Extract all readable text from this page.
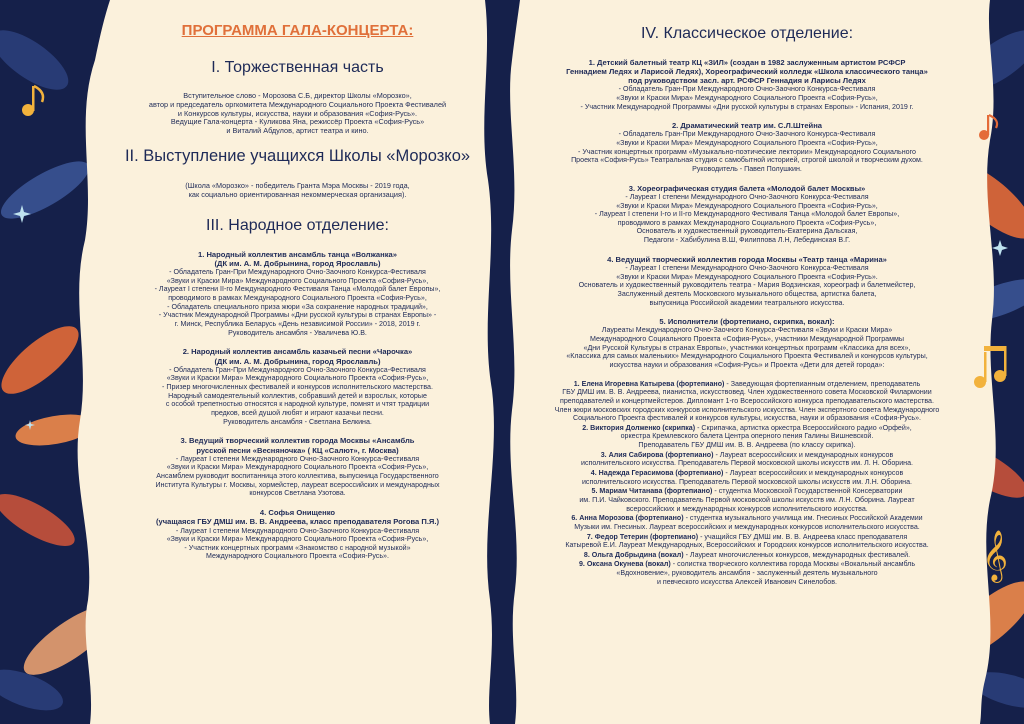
𝄞
ПРОГРАММА ГАЛА-КОНЦЕРТА:
I. Торжественная часть

Вступительное слово - Морозова С.Б, директор Школы «Морозко»,

автор и председатель оргкомитета Международного Социального Проекта Фестивалей

и Конкурсов культуры, искусства, науки и образования «София-Русь».

Ведущие Гала-концерта - Куликова Яна, режиссёр Проекта «София-Русь»

и Виталий Абдулов, артист театра и кино.

II. Выступление учащихся Школы «Морозко»

(Школа «Морозко» - победитель Гранта Мэра Москвы - 2019 года,

как социально ориентированная некоммерческая организация).

III. Народное отделение:

1. Народный коллектив ансамбль танца «Волжанка»

(ДК им. А. М. Добрынина, город Ярославль)

- Обладатель Гран-При Международного Очно-Заочного Конкурса-Фестиваля

«Звуки и Краски Мира» Международного Социального Проекта «София-Русь»,

- Лауреат I степени II-го Международного Фестиваля Танца «Молодой балет Европы»,

проводимого в рамках Международного Социального Проекта «София-Русь»,

- Обладатель специального приза жюри «За сохранение народных традиций»,

- Участник Международной Программы «Дни русской культуры в странах Европы» -

г. Минск, Республика Беларусь «День независимой России» - 2018, 2019 г.

Руководитель ансамбля - Уваличева Ю.В.

2. Народный коллектив ансамбль казачьей песни «Чарочка»

(ДК им. А. М. Добрынина, город Ярославль)

- Обладатель Гран-При Международного Очно-Заочного Конкурса-Фестиваля

«Звуки и Краски Мира» Международного Социального Проекта «София-Русь»,

- Призер многочисленных фестивалей и конкурсов исполнительского мастерства.

Народный самодеятельный коллектив, собравший детей и взрослых, которые

с особой трепетностью относятся к народной культуре, помнят и чтят традиции

предков, всей душой любят и играют казачьи песни.

Руководитель ансамбля - Светлана Белкина.

3. Ведущий творческий коллектив города Москвы «Ансамбль

русской песни «Весняночка» ( КЦ «Салют», г. Москва)

- Лауреат I степени Международного Очно-Заочного Конкурса-Фестиваля

«Звуки и Краски Мира» Международного Социального Проекта «София-Русь»,

Ансамблем руководит воспитанница этого коллектива, выпускница Государственного

Института Культуры г. Москвы, хормейстер, лауреат всероссийских и международных

конкурсов Светлана Узотова.

4. Софья Онищенко

(учащаяся ГБУ ДМШ им. В. В. Андреева, класс преподавателя Рогова П.Я.)

- Лауреат I степени Международного Очно-Заочного Конкурса-Фестиваля

«Звуки и Краски Мира» Международного Социального Проекта «София-Русь»,

- Участник концертных программ «Знакомство с народной музыкой»

Международного Социального Проекта «София-Русь».

IV. Классическое отделение:

1. Детский балетный театр КЦ «ЗИЛ» (создан в 1982 заслуженным артистом РСФСР

Геннадием Ледях и Ларисой Ледях), Хореографический колледж «Школа классического танца»

под руководством засл. арт. РСФСР Геннадия и Ларисы Ледях

- Обладатель Гран-При Международного Очно-Заочного Конкурса-Фестиваля

«Звуки и Краски Мира» Международного Социального Проекта «София-Русь»,

- Участник Международной Программы «Дни русской культуры в странах Европы» - Испания, 2019 г.

2. Драматический театр им. С.Л.Штейна

- Обладатель Гран-При Международного Очно-Заочного Конкурса-Фестиваля

«Звуки и Краски Мира» Международного Социального Проекта «София-Русь»,

- Участник концертных программ «Музыкально-поэтические лектории» Международного Социального

Проекта «София-Русь» Театральная студия с самобытной историей, строгой школой и творческим духом.

Руководитель - Павел Полушкин.

3. Хореографическая студия балета «Молодой балет Москвы»

- Лауреат I степени Международного Очно-Заочного Конкурса-Фестиваля

«Звуки и Краски Мира» Международного Социального Проекта «София-Русь»,

- Лауреат I степени I-го и II-го Международного Фестиваля Танца «Молодой балет Европы»,

проводимого в рамках Международного Социального Проекта «София-Русь»,

Основатель и художественный руководитель-Екатерина Дальская,

Педагоги - Хабибулина В.Ш, Филиппова Л.Н, Лебединская В.Г.

4. Ведущий творческий коллектив города Москвы «Театр танца «Марина»

- Лауреат I степени Международного Очно-Заочного Конкурса-Фестиваля

«Звуки и Краски Мира» Международного Социального Проекта «София-Русь».

Основатель и художественный руководитель театра - Мария Водзинская, хореограф и балетмейстер,

Заслуженный деятель Московского музыкального общества, артистка балета,

выпускница Российской академии театрального искусства.

5. Исполнители (фортепиано, скрипка, вокал):

Лауреаты Международного Очно-Заочного Конкурса-Фестиваля «Звуки и Краски Мира»

Международного Социального Проекта «София-Русь», участники Международной Программы

«Дни Русской Культуры в странах Европы», участники концертных программ «Классика для всех»,

«Классика для самых маленьких» Международного Социального Проекта Фестивалей и конкурсов культуры,

искусства науки и образования «София-Русь» и Проекта «Дети для детей города»:

1. Елена Игоревна Катырева (фортепиано) - Заведующая фортепианным отделением, преподаватель
ГБУ ДМШ им. В. В. Андреева, пианистка, искусствовед. Член художественного совета Московской Филармонии
преподавателей и концертмейстеров. Дипломант 1-го Всероссийского конкурса преподавательского мастерства.
Член жюри московских городских конкурсов исполнительского искусства. Член экспертного совета Международного
Социального Проекта фестивалей и конкурсов культуры, искусства, науки и образования «София-Русь».
2. Виктория Долженко (скрипка) - Скрипачка, артистка оркестра Всероссийского радио «Орфей»,
оркестра Кремлевского балета Центра оперного пения Галины Вишневской.
Преподаватель ГБУ ДМШ им. В. В. Андреева (по классу скрипка).
3. Алия Сабирова (фортепиано) - Лауреат всероссийских и международных конкурсов
исполнительского искусства. Преподаватель Первой московской школы искусств им. Л. Н. Оборина.
4. Надежда Герасимова (фортепиано) - Лауреат всероссийских и международных конкурсов
исполнительского искусства. Преподаватель Первой московской школы искусств им. Л.Н. Оборина.
5. Мариам Читанава (фортепиано) - студентка Московской Государственной Консерватории
им. П.И. Чайковского. Преподаватель Первой московской школы искусств им. Л.Н. Оборина. Лауреат
всероссийских и международных конкурсов исполнительского искусства.
6. Анна Морозова (фортепиано) - студентка музыкального училища им. Гнесиных Российской Академии
Музыки им. Гнесиных. Лауреат всероссийских и международных конкурсов исполнительского искусства.
7. Федор Тетерин (фортепиано) - учащийся ГБУ ДМШ им. В. В. Андреева класс преподавателя
Катыревой Е.И. Лауреат Международных, Всероссийских и Городских конкурсов исполнительского искусства.
8. Ольга Добрыдина (вокал) - Лауреат многочисленных конкурсов, международных фестивалей.
9. Оксана Окунева (вокал) - солистка творческого коллектива города Москвы «Вокальный ансамбль
«Вдохновение», руководитель ансамбля - заслуженный деятель музыкального
и певческого искусства Алексей Иванович Синелобов.
